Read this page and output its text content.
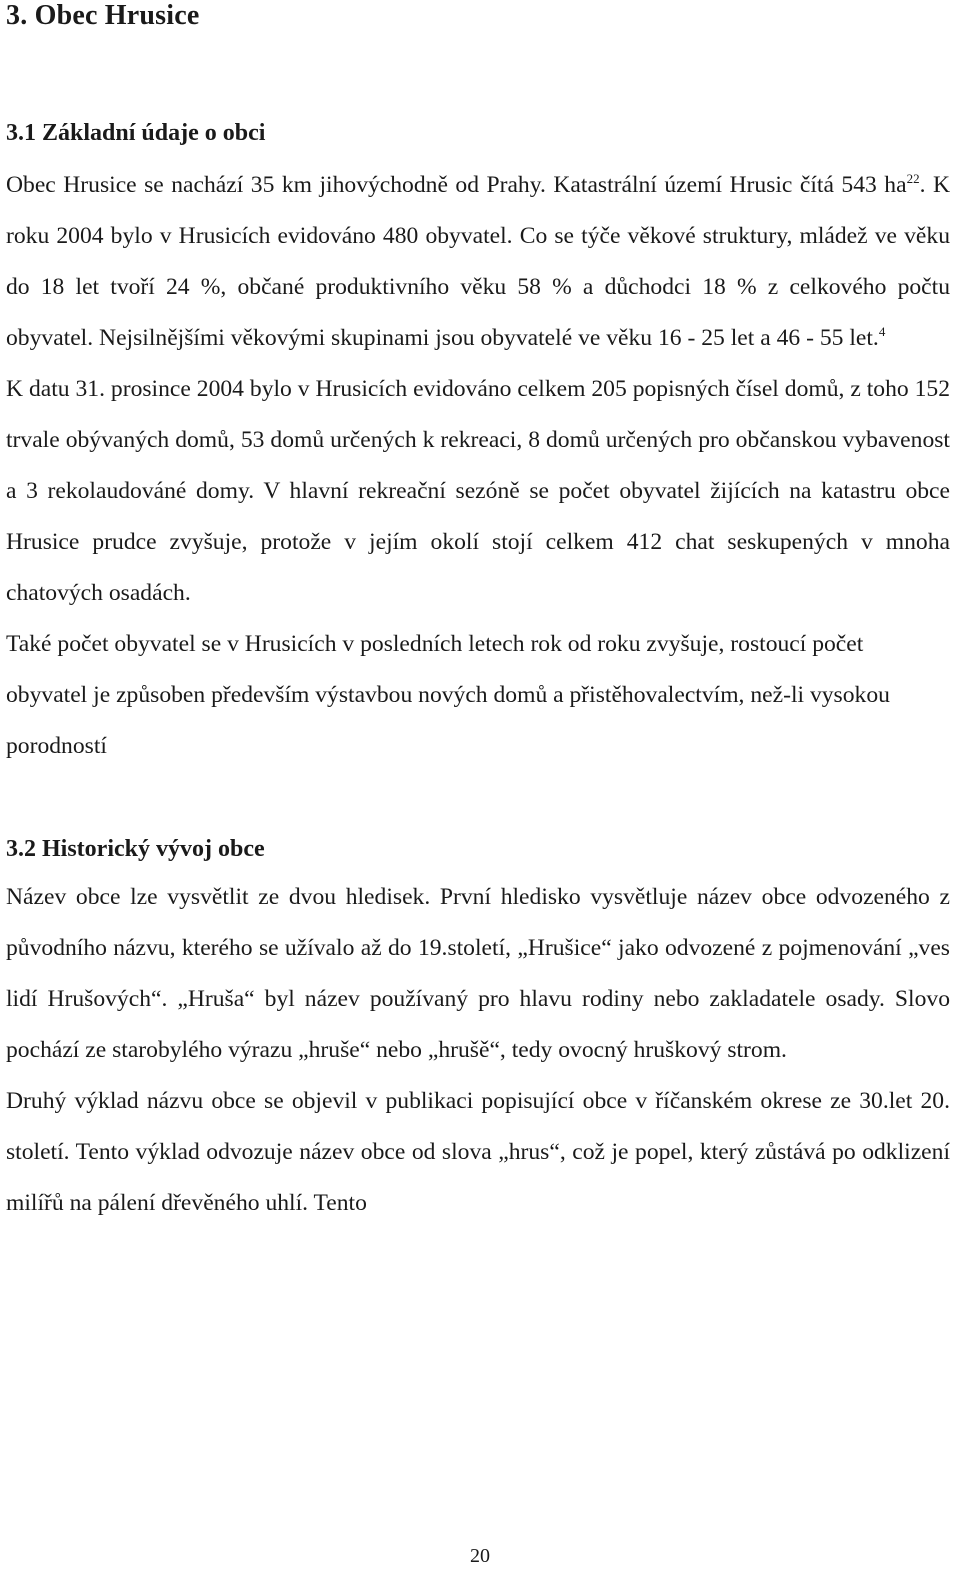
3. Obec Hrusice
3.1 Základní údaje o obci

Obec Hrusice se nachází 35 km jihovýchodně od Prahy. Katastrální území Hrusic čítá 543 $ha^{22}$. K roku 2004 bylo v Hrusicích evidováno 480 obyvatel. Co se týče věkové struktury, mládež ve věku do 18 let tvoří 24 %, občané produktivního věku 58 % a důchodci 18 % z celkového počtu obyvatel. Nejsilnějšími věkovými skupinami jsou obyvatelé ve věku 16 - 25 let a 46 - 55 let.$^4$

K datu 31. prosince 2004 bylo v Hrusicích evidováno celkem 205 popisných čísel domů, z toho 152 trvale obývaných domů, 53 domů určených k rekreaci, 8 domů určených pro občanskou vybavenost a 3 rekolaudováné domy. V hlavní rekreační sezóně se počet obyvatel žijících na katastru obce Hrusice prudce zvyšuje, protože v jejím okolí stojí celkem 412 chat seskupených v mnoha chatových osadách.

Také počet obyvatel se v Hrusicích v posledních letech rok od roku zvyšuje, rostoucí počet obyvatel je způsoben především výstavbou nových domů a přistěhovalectvím, než-li vysokou porodností

3.2 Historický vývoj obce

Název obce lze vysvětlit ze dvou hledisek. První hledisko vysvětluje název obce odvozeného z původního názvu, kterého se užívalo až do 19.století, „Hrušice“ jako odvozené z pojmenování „ves lidí Hrušových“. „Hruša“ byl název používaný pro hlavu rodiny nebo zakladatele osady. Slovo pochází ze starobylého výrazu „hruše“ nebo „hrušě“, tedy ovocný hruškový strom.

Druhý výklad názvu obce se objevil v publikaci popisující obce v říčanském okrese ze 30.let 20. století. Tento výklad odvozuje název obce od slova „hrus“, což je popel, který zůstává po odklizení milířů na pálení dřevěného uhlí. Tento

20
